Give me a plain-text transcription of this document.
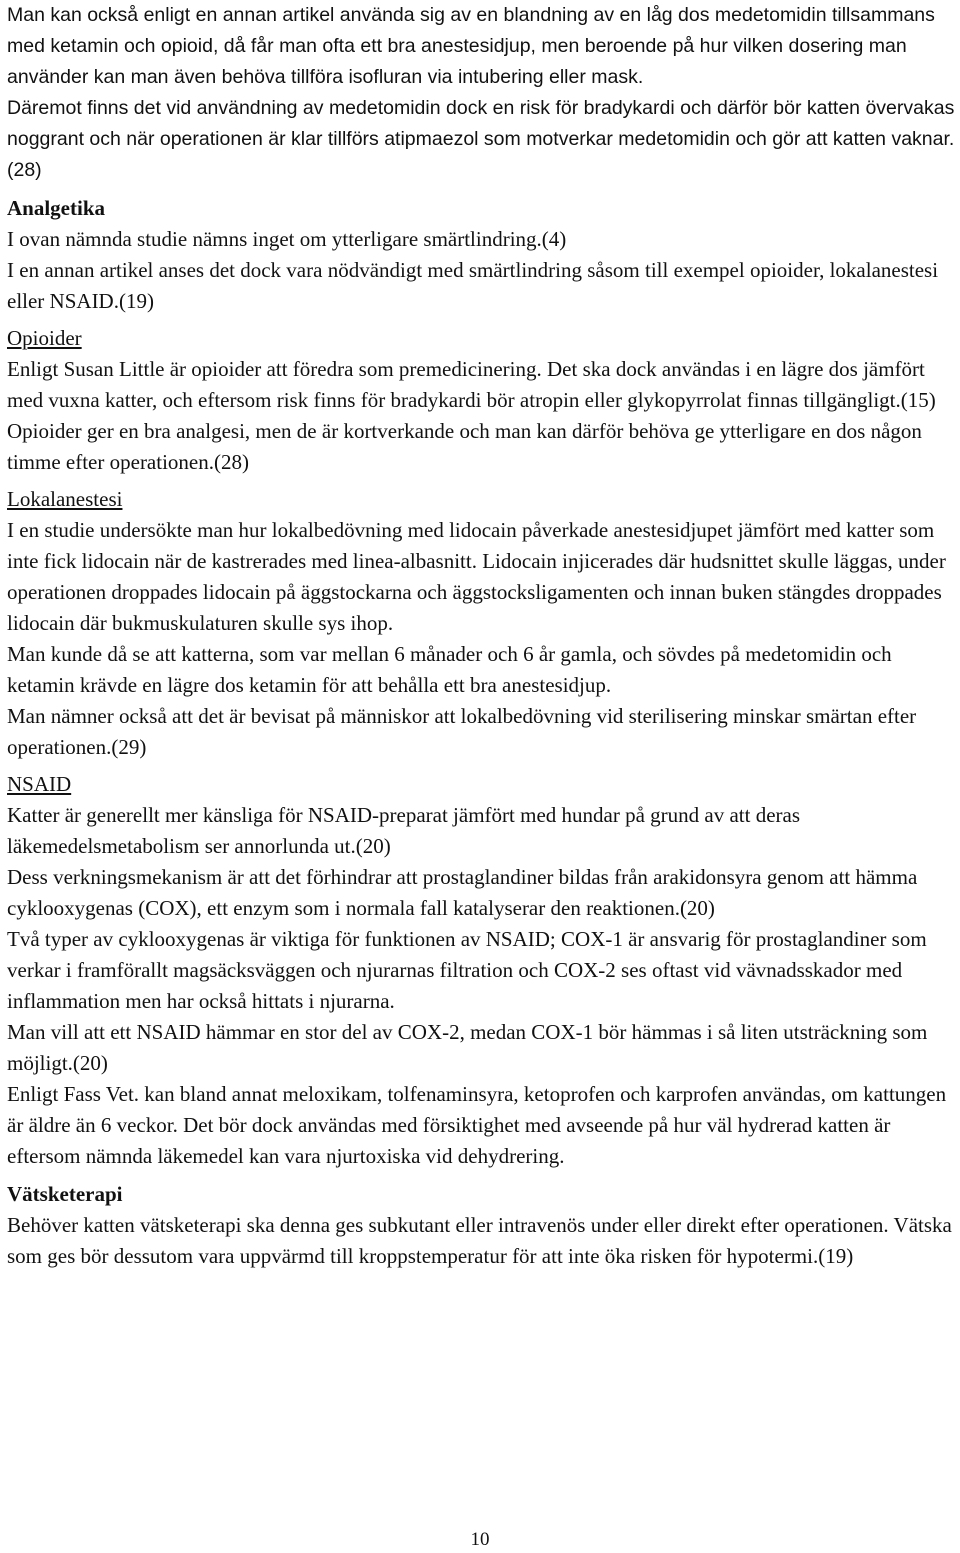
Man kan också enligt en annan artikel använda sig av en blandning av en låg dos medetomidin tillsammans med ketamin och opioid, då får man ofta ett bra anestesidjup, men beroende på hur vilken dosering man använder kan man även behöva tillföra isofluran via intubering eller mask.

Däremot finns det vid användning av medetomidin dock en risk för bradykardi och därför bör katten övervakas noggrant och när operationen är klar tillförs atipmaezol som motverkar medetomidin och gör att katten vaknar.(28)

Analgetika

I ovan nämnda studie nämns inget om ytterligare smärtlindring.(4)

I en annan artikel anses det dock vara nödvändigt med smärtlindring såsom till exempel opioider, lokalanestesi eller NSAID.(19)

Opioider

Enligt Susan Little är opioider att föredra som premedicinering. Det ska dock användas i en lägre dos jämfört med vuxna katter, och eftersom risk finns för bradykardi bör atropin eller glykopyrrolat finnas tillgängligt.(15)

Opioider ger en bra analgesi, men de är kortverkande och man kan därför behöva ge ytterligare en dos någon timme efter operationen.(28)

Lokalanestesi

I en studie undersökte man hur lokalbedövning med lidocain påverkade anestesidjupet jämfört med katter som inte fick lidocain när de kastrerades med linea-albasnitt. Lidocain injicerades där hudsnittet skulle läggas, under operationen droppades lidocain på äggstockarna och äggstocksligamenten och innan buken stängdes droppades lidocain där bukmuskulaturen skulle sys ihop.

Man kunde då se att katterna, som var mellan 6 månader och 6 år gamla, och sövdes på medetomidin och ketamin krävde en lägre dos ketamin för att behålla ett bra anestesidjup.

Man nämner också att det är bevisat på människor att lokalbedövning vid sterilisering minskar smärtan efter operationen.(29)

NSAID

Katter är generellt mer känsliga för NSAID-preparat jämfört med hundar på grund av att deras läkemedelsmetabolism ser annorlunda ut.(20)

Dess verkningsmekanism är att det förhindrar att prostaglandiner bildas från arakidonsyra genom att hämma cyklooxygenas (COX), ett enzym som i normala fall katalyserar den reaktionen.(20)

Två typer av cyklooxygenas är viktiga för funktionen av NSAID; COX-1 är ansvarig för prostaglandiner som verkar i framförallt magsäcksväggen och njurarnas filtration och COX-2 ses oftast vid vävnadsskador med inflammation men har också hittats i njurarna.

Man vill att ett NSAID hämmar en stor del av COX-2, medan COX-1 bör hämmas i så liten utsträckning som möjligt.(20)

Enligt Fass Vet. kan bland annat meloxikam, tolfenaminsyra, ketoprofen och karprofen användas, om kattungen är äldre än 6 veckor. Det bör dock användas med försiktighet med avseende på hur väl hydrerad katten är eftersom nämnda läkemedel kan vara njurtoxiska vid dehydrering.

Vätsketerapi

Behöver katten vätsketerapi ska denna ges subkutant eller intravenös under eller direkt efter operationen. Vätska som ges bör dessutom vara uppvärmd till kroppstemperatur för att inte öka risken för hypotermi.(19)

10
